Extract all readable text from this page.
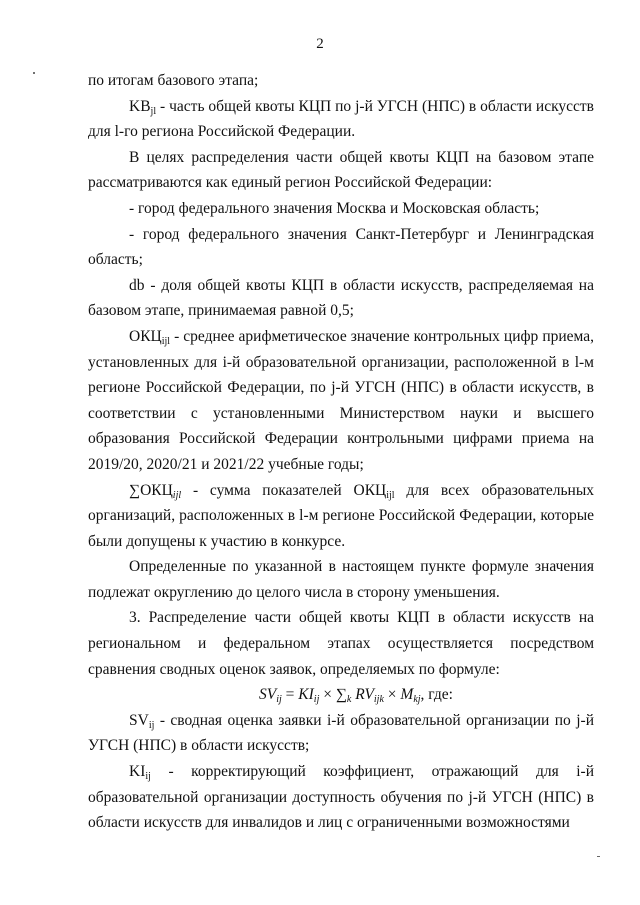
2

по итогам базового этапа;

$KB_{jl}$ - часть общей квоты КЦП по j-й УГСН (НПС) в области искусств для l-го региона Российской Федерации.

В целях распределения части общей квоты КЦП на базовом этапе рассматриваются как единый регион Российской Федерации:

- город федерального значения Москва и Московская область;

- город федерального значения Санкт-Петербург и Ленинградская область;

db - доля общей квоты КЦП в области искусств, распределяемая на базовом этапе, принимаемая равной 0,5;

$ОКЦ_{ijl}$ - среднее арифметическое значение контрольных цифр приема, установленных для i-й образовательной организации, расположенной в l-м регионе Российской Федерации, по j-й УГСН (НПС) в области искусств, в соответствии с установленными Министерством науки и высшего образования Российской Федерации контрольными цифрами приема на 2019/20, 2020/21 и 2021/22 учебные годы;

$\sum ОКЦ_{ijl}$ - сумма показателей $ОКЦ_{ijl}$ для всех образовательных организаций, расположенных в l-м регионе Российской Федерации, которые были допущены к участию в конкурсе.

Определенные по указанной в настоящем пункте формуле значения подлежат округлению до целого числа в сторону уменьшения.

3. Распределение части общей квоты КЦП в области искусств на региональном и федеральном этапах осуществляется посредством сравнения сводных оценок заявок, определяемых по формуле:

$SV_{ij} = KI_{ij} \times \sum_k$ $RV_{ijk} \times M_{kj}$, где:

$SV_{ij}$ - сводная оценка заявки i-й образовательной организации по j-й УГСН (НПС) в области искусств;

$KI_{ij}$ - корректирующий коэффициент, отражающий для i-й образовательной организации доступность обучения по j-й УГСН (НПС) в области искусств для инвалидов и лиц с ограниченными возможностями
